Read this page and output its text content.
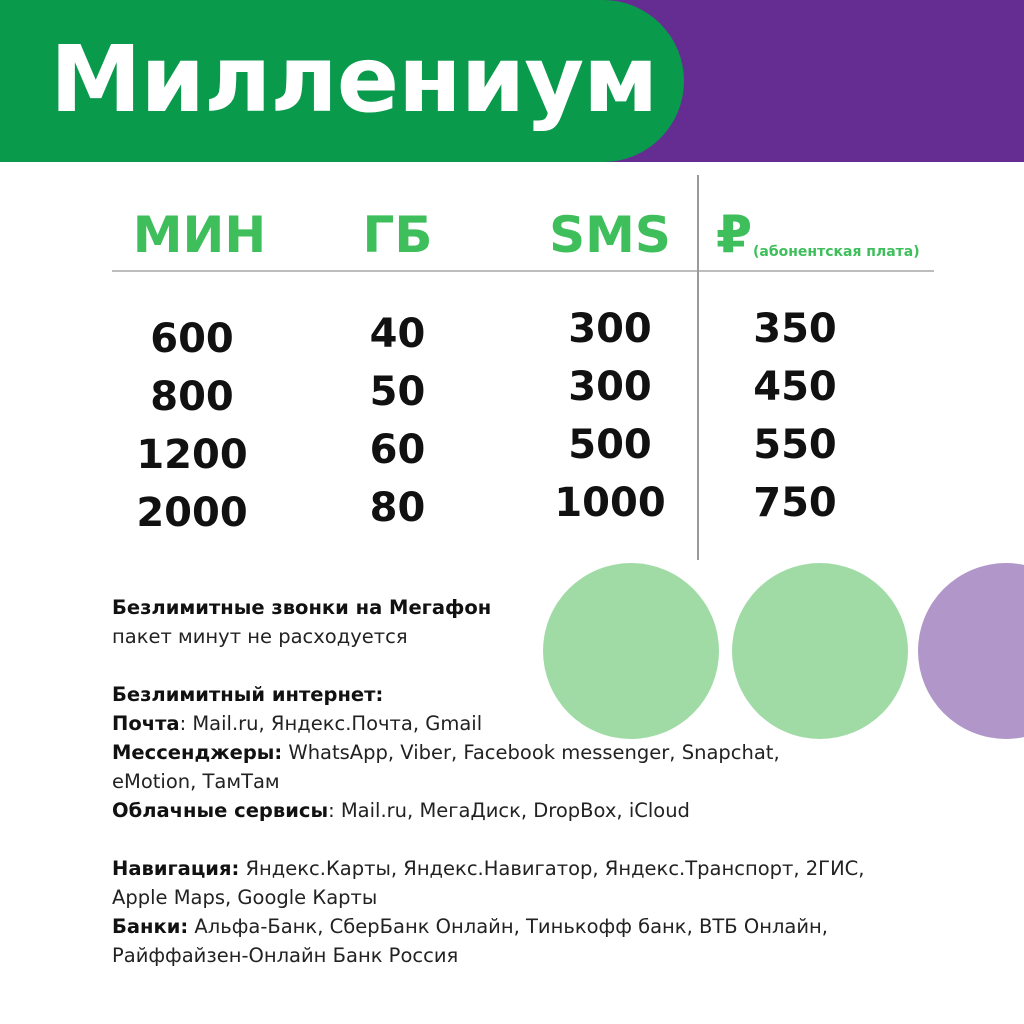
Миллениум
МИН	ГБ	SMS ₽ (абонентская плата)
600
800
1200
2000
40
50
60
80
300
300
500
1000
350
450
550
750
Безлимитные звонки на Мегафон
пакет минут не расходуется
Безлимитный интернет:
Почта: Mail.ru, Яндекс.Почта, Gmail
Мессенджеры: WhatsApp, Viber, Facebook messenger, Snapchat,
eMotion, ТамТам
Облачные сервисы: Mail.ru, МегаДиск, DropBox, iCloud
Навигация: Яндекс.Карты, Яндекс.Навигатор, Яндекс.Транспорт, 2ГИС,
Apple Maps, Google Карты
Банки: Альфа-Банк, СберБанк Онлайн, Тинькофф банк, ВТБ Онлайн,
Райффайзен-Онлайн Банк Россия
